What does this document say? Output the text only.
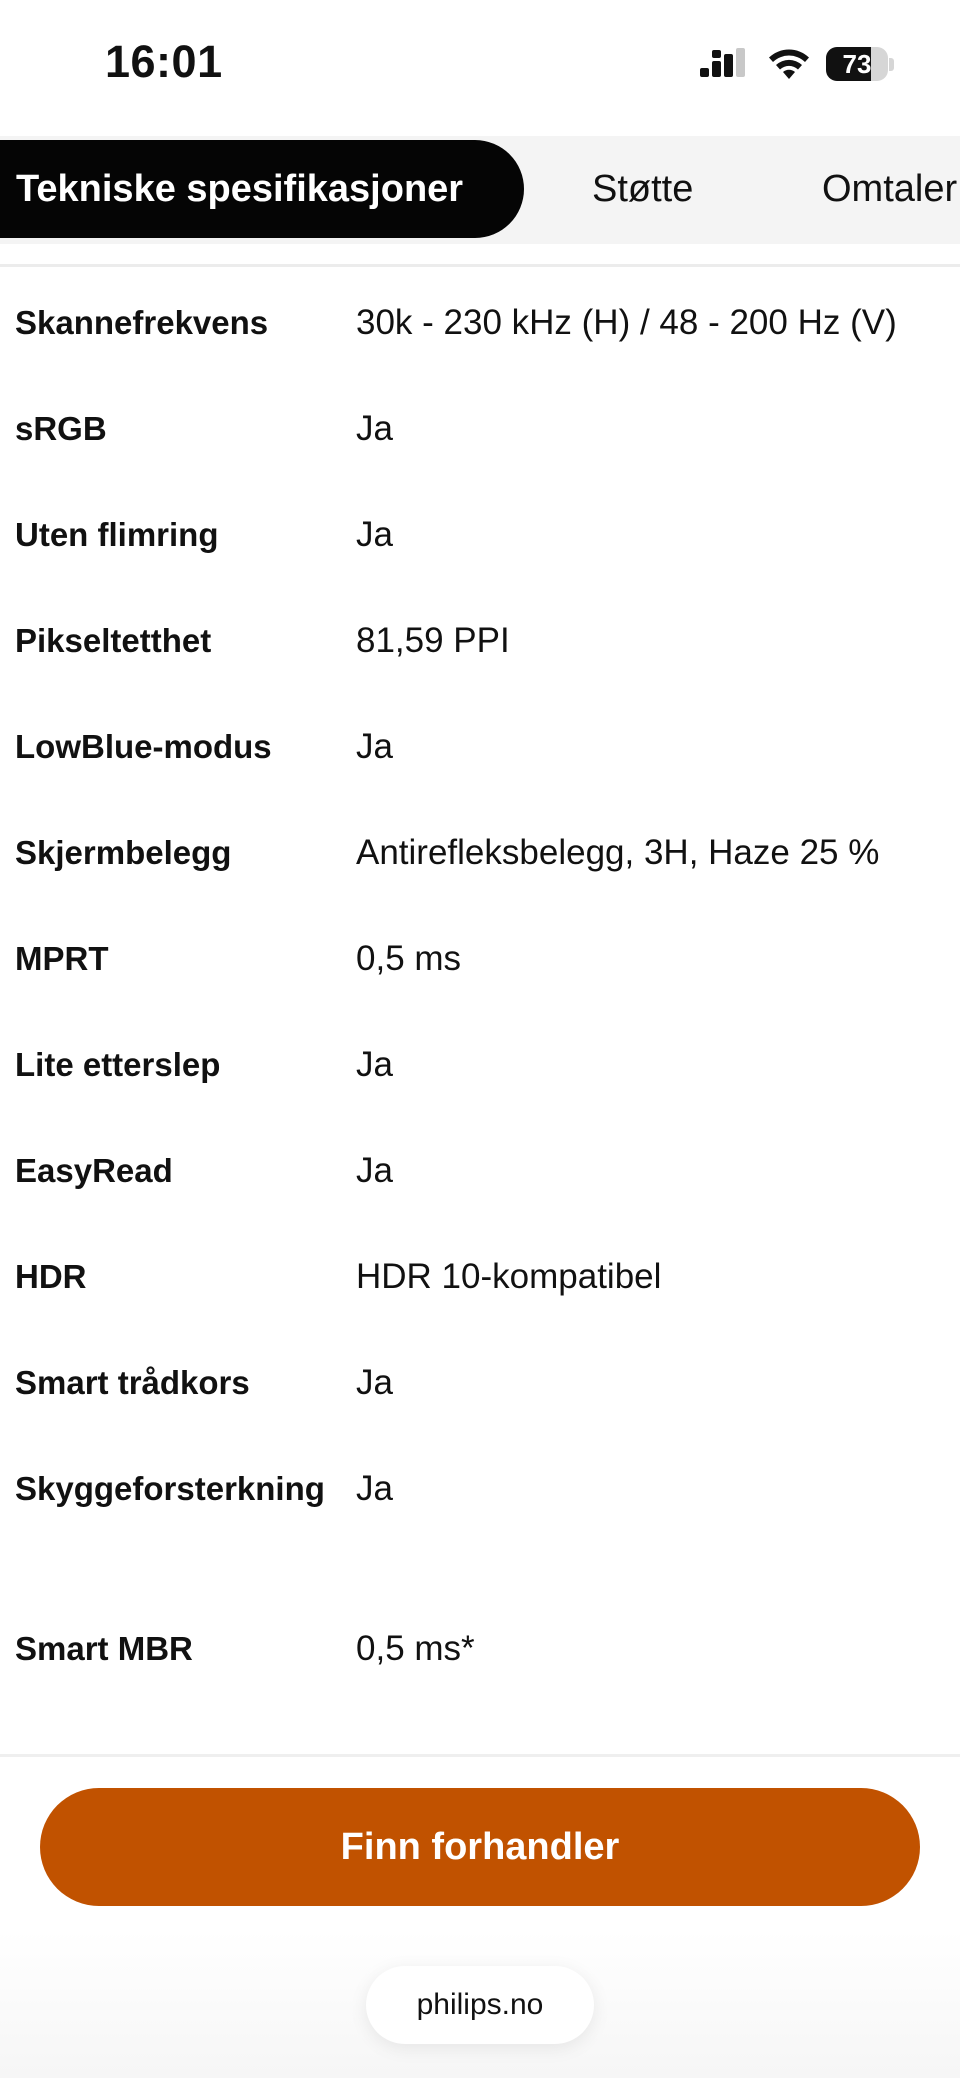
16:01	73
Tekniske spesifikasjoner	Støtte	Omtaler
Skannefrekvens	30k - 230 kHz (H) / 48 - 200 Hz (V)
sRGB	Ja
Uten flimring	Ja
Pikseltetthet	81,59 PPI
LowBlue-modus	Ja
Skjermbelegg	Antirefleksbelegg, 3H, Haze 25 %
MPRT	0,5 ms
Lite etterslep	Ja
EasyRead	Ja
HDR	HDR 10-kompatibel
Smart trådkors	Ja
Skyggeforsterkning Ja
Smart MBR	0,5 ms*
Finn forhandler
philips.no
